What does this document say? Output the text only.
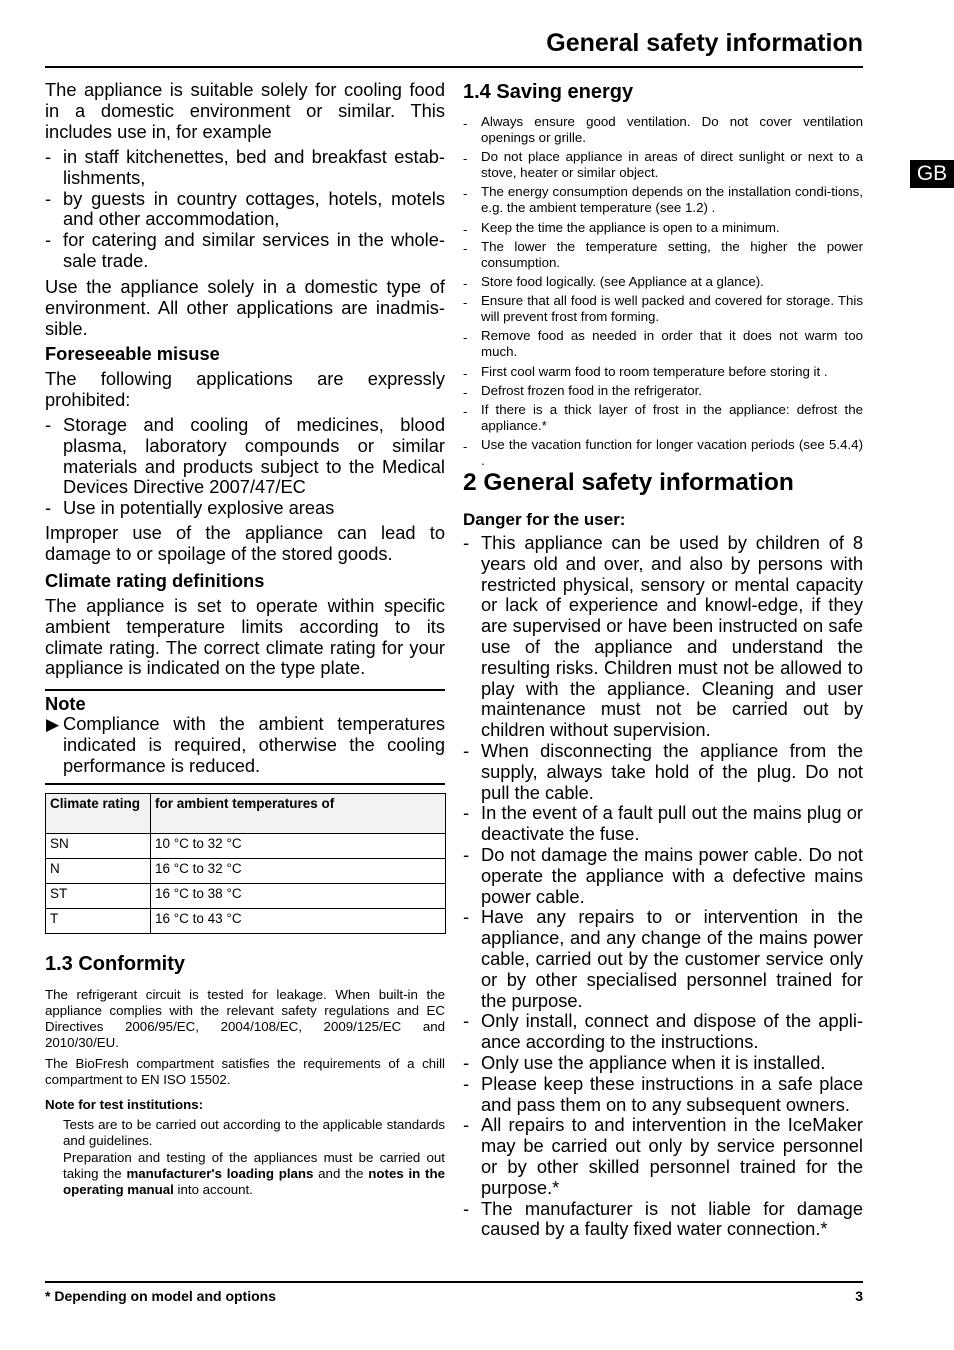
General safety information
GB

The appliance is suitable solely for cooling food in a domestic environment or similar. This includes use in, for example

- in staff kitchenettes, bed and breakfast estab-lishments,
- by guests in country cottages, hotels, motels and other accommodation,
- for catering and similar services in the whole-sale trade.

Use the appliance solely in a domestic type of environment. All other applications are inadmis-sible.

Foreseeable misuse

The following applications are expressly prohibited:

- Storage and cooling of medicines, blood plasma, laboratory compounds or similar materials and products subject to the Medical Devices Directive 2007/47/EC
- Use in potentially explosive areas

Improper use of the appliance can lead to damage to or spoilage of the stored goods.

Climate rating definitions

The appliance is set to operate within specific ambient temperature limits according to its climate rating. The correct climate rating for your appliance is indicated on the type plate.

Note

▶ Compliance with the ambient temperatures indicated is required, otherwise the cooling performance is reduced.

Climate rating	for ambient temperatures of
SN	10 °C to 32 °C
N	16 °C to 32 °C
ST	16 °C to 38 °C
T	16 °C to 43 °C
1.3 Conformity

The refrigerant circuit is tested for leakage. When built-in the appliance complies with the relevant safety regulations and EC Directives 2006/95/EC, 2004/108/EC, 2009/125/EC and 2010/30/EU.

The BioFresh compartment satisfies the requirements of a chill compartment to EN ISO 15502.

Note for test institutions:

Tests are to be carried out according to the applicable standards and guidelines.

Preparation and testing of the appliances must be carried out taking the manufacturer's loading plans and the notes in the operating manual into account.

1.4 Saving energy
- Always ensure good ventilation. Do not cover ventilation openings or grille.
- Do not place appliance in areas of direct sunlight or next to a stove, heater or similar object.
- The energy consumption depends on the installation condi-tions, e.g. the ambient temperature (see 1.2) .
- Keep the time the appliance is open to a minimum.
- The lower the temperature setting, the higher the power consumption.
- Store food logically. (see Appliance at a glance).
- Ensure that all food is well packed and covered for storage. This will prevent frost from forming.
- Remove food as needed in order that it does not warm too much.
- First cool warm food to room temperature before storing it .
- Defrost frozen food in the refrigerator.
- If there is a thick layer of frost in the appliance: defrost the appliance.*
- Use the vacation function for longer vacation periods (see 5.4.4) .
2 General safety information

Danger for the user:

- This appliance can be used by children of 8 years old and over, and also by persons with restricted physical, sensory or mental capacity or lack of experience and knowl-edge, if they are supervised or have been instructed on safe use of the appliance and understand the resulting risks. Children must not be allowed to play with the appliance. Cleaning and user maintenance must not be carried out by children without supervision.
- When disconnecting the appliance from the supply, always take hold of the plug. Do not pull the cable.
- In the event of a fault pull out the mains plug or deactivate the fuse.
- Do not damage the mains power cable. Do not operate the appliance with a defective mains power cable.
- Have any repairs to or intervention in the appliance, and any change of the mains power cable, carried out by the customer service only or by other specialised personnel trained for the purpose.
- Only install, connect and dispose of the appli-ance according to the instructions.
- Only use the appliance when it is installed.
- Please keep these instructions in a safe place and pass them on to any subsequent owners.
- All repairs to and intervention in the IceMaker may be carried out only by service personnel or by other skilled personnel trained for the purpose.*
- The manufacturer is not liable for damage caused by a faulty fixed water connection.*
* Depending on model and options	3
